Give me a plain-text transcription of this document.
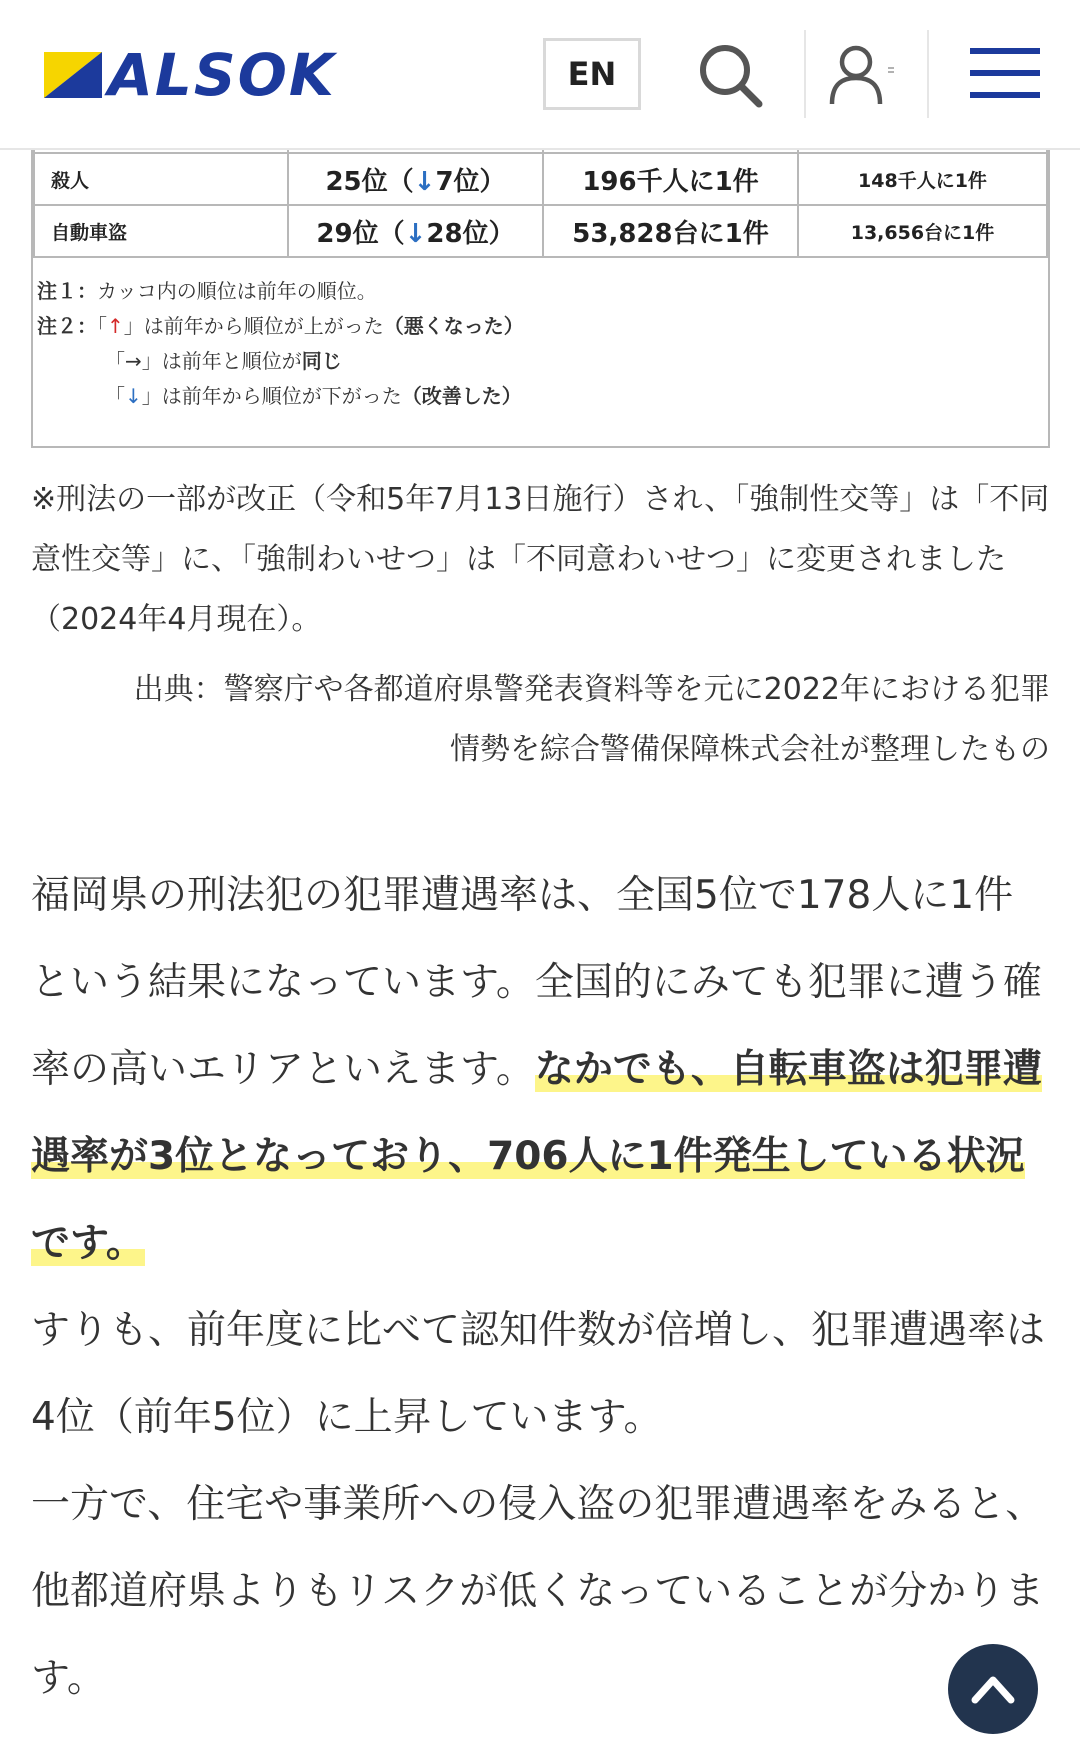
ALSOK	EN

殺人	25位（↓7位）	196千人に1件	148千人に1件
自動車盗	29位（↓28位）	53,828台に1件	13,656台に1件
注１：カッコ内の順位は前年の順位。
注２：「↑」は前年から順位が上がった（悪くなった）
「→」は前年と順位が同じ
「↓」は前年から順位が下がった（改善した）
※刑法の一部が改正（令和5年7月13日施行）され、「強制性交等」は「不同意性交等」に、「強制わいせつ」は「不同意わいせつ」に変更されました（2024年4月現在）。
出典：警察庁や各都道府県警発表資料等を元に2022年における犯罪
情勢を綜合警備保障株式会社が整理したもの

福岡県の刑法犯の犯罪遭遇率は、全国5位で178人に1件という結果になっています。全国的にみても犯罪に遭う確率の高いエリアといえます。なかでも、自転車盗は犯罪遭遇率が3位となっており、706人に1件発生している状況です。

すりも、前年度に比べて認知件数が倍増し、犯罪遭遇率は4位（前年5位）に上昇しています。

一方で、住宅や事業所への侵入盗の犯罪遭遇率をみると、他都道府県よりもリスクが低くなっていることが分かります。
